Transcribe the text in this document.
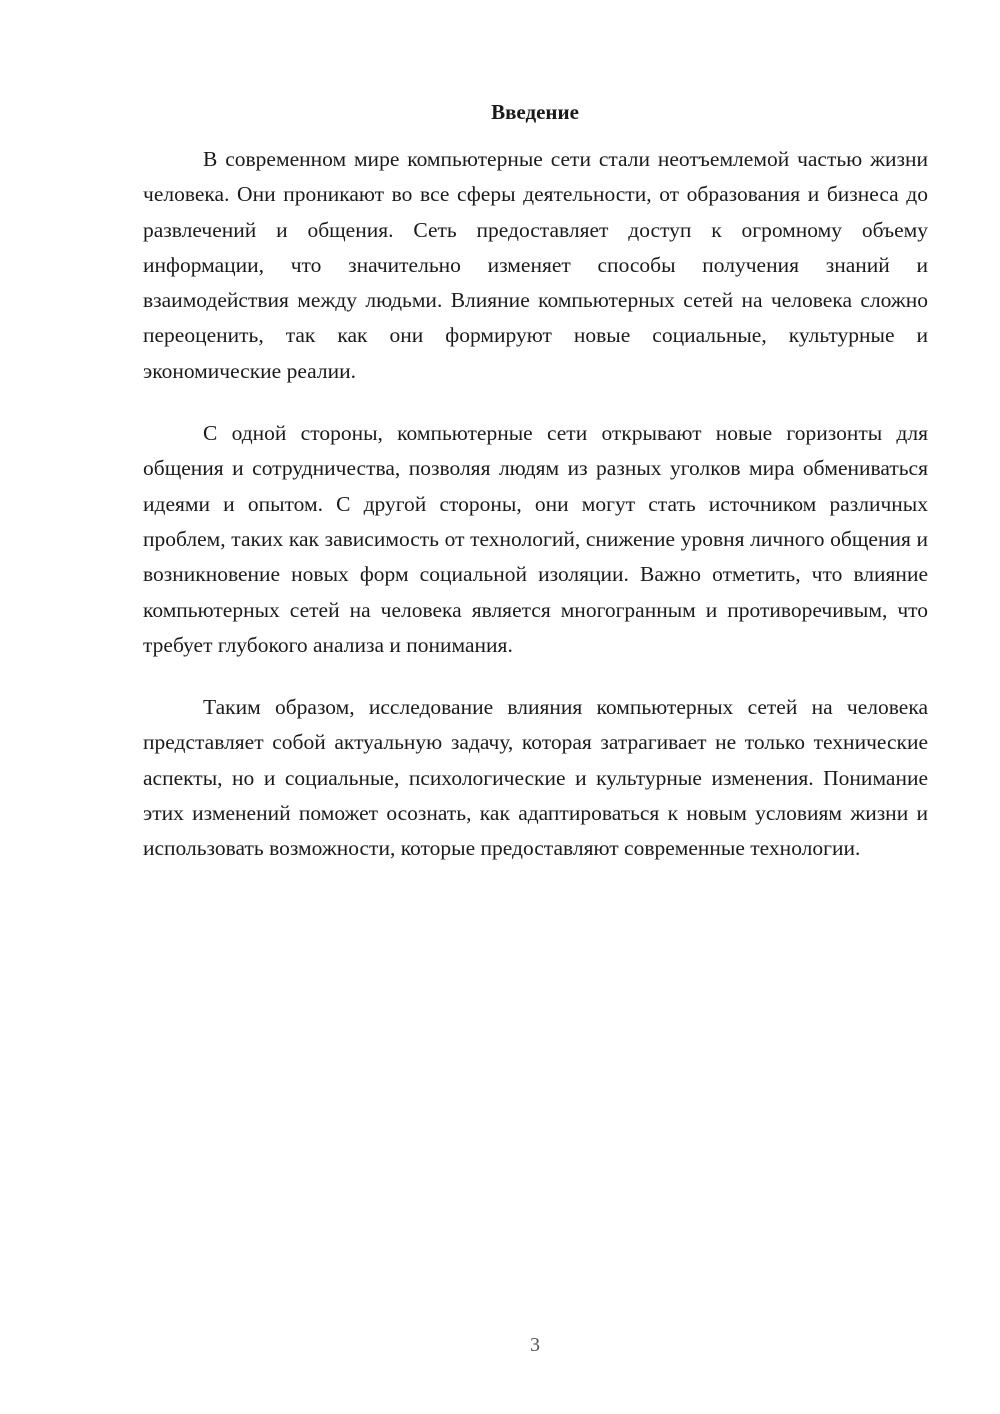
Введение

В современном мире компьютерные сети стали неотъемлемой частью жизни человека. Они проникают во все сферы деятельности, от образования и бизнеса до развлечений и общения. Сеть предоставляет доступ к огромному объему информации, что значительно изменяет способы получения знаний и взаимодействия между людьми. Влияние компьютерных сетей на человека сложно переоценить, так как они формируют новые социальные, культурные и экономические реалии.

С одной стороны, компьютерные сети открывают новые горизонты для общения и сотрудничества, позволяя людям из разных уголков мира обмениваться идеями и опытом. С другой стороны, они могут стать источником различных проблем, таких как зависимость от технологий, снижение уровня личного общения и возникновение новых форм социальной изоляции. Важно отметить, что влияние компьютерных сетей на человека является многогранным и противоречивым, что требует глубокого анализа и понимания.

Таким образом, исследование влияния компьютерных сетей на человека представляет собой актуальную задачу, которая затрагивает не только технические аспекты, но и социальные, психологические и культурные изменения. Понимание этих изменений поможет осознать, как адаптироваться к новым условиям жизни и использовать возможности, которые предоставляют современные технологии.

3
